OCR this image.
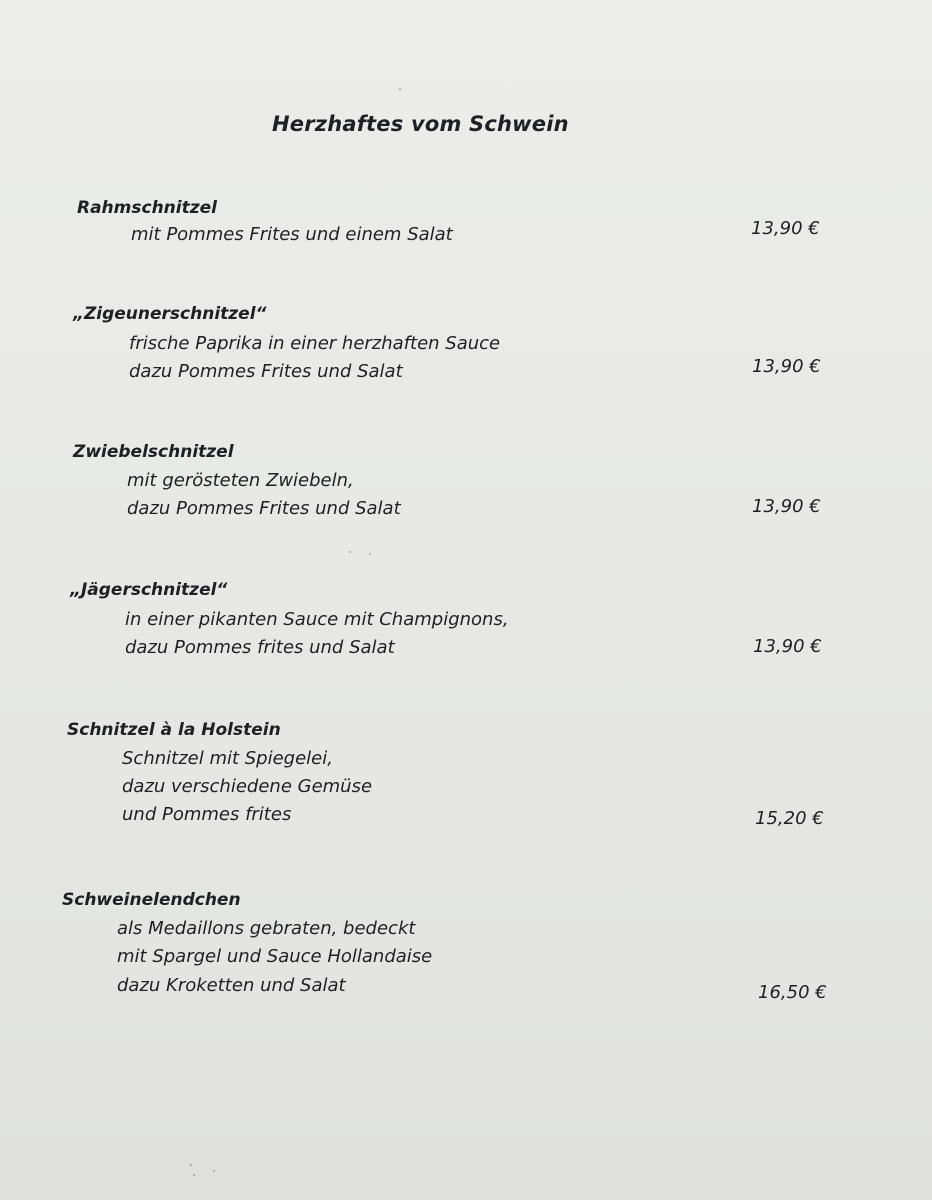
Herzhaftes vom Schwein
Rahmschnitzel
mit Pommes Frites und einem Salat	13,90 €
„Zigeunerschnitzel“
frische Paprika in einer herzhaften Sauce
dazu Pommes Frites und Salat	13,90 €
Zwiebelschnitzel
mit gerösteten Zwiebeln,
dazu Pommes Frites und Salat	13,90 €
„Jägerschnitzel“
in einer pikanten Sauce mit Champignons,
dazu Pommes frites und Salat	13,90 €
Schnitzel à la Holstein
Schnitzel mit Spiegelei,
dazu verschiedene Gemüse
und Pommes frites	15,20 €
Schweinelendchen
als Medaillons gebraten, bedeckt
mit Spargel und Sauce Hollandaise
dazu Kroketten und Salat	16,50 €
